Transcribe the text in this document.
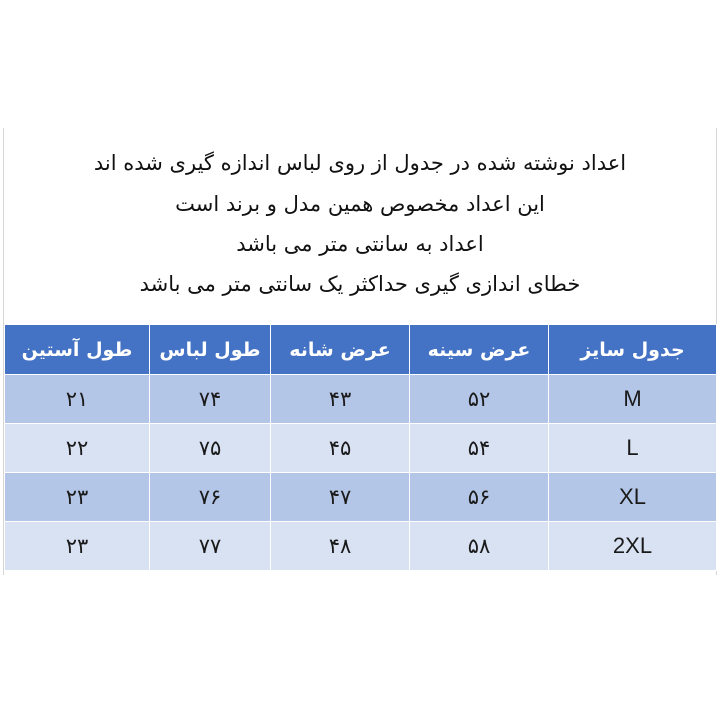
اعداد نوشته شده در جدول از روی لباس اندازه گیری شده اند
این اعداد مخصوص همین مدل و برند است
اعداد به سانتی متر می باشد
خطای اندازی گیری حداکثر یک سانتی متر می باشد
جدول سایز	عرض سینه	عرض شانه	طول لباس	طول آستین
M	۵۲	۴۳	۷۴	۲۱
L	۵۴	۴۵	۷۵	۲۲
XL	۵۶	۴۷	۷۶	۲۳
2XL	۵۸	۴۸	۷۷	۲۳
